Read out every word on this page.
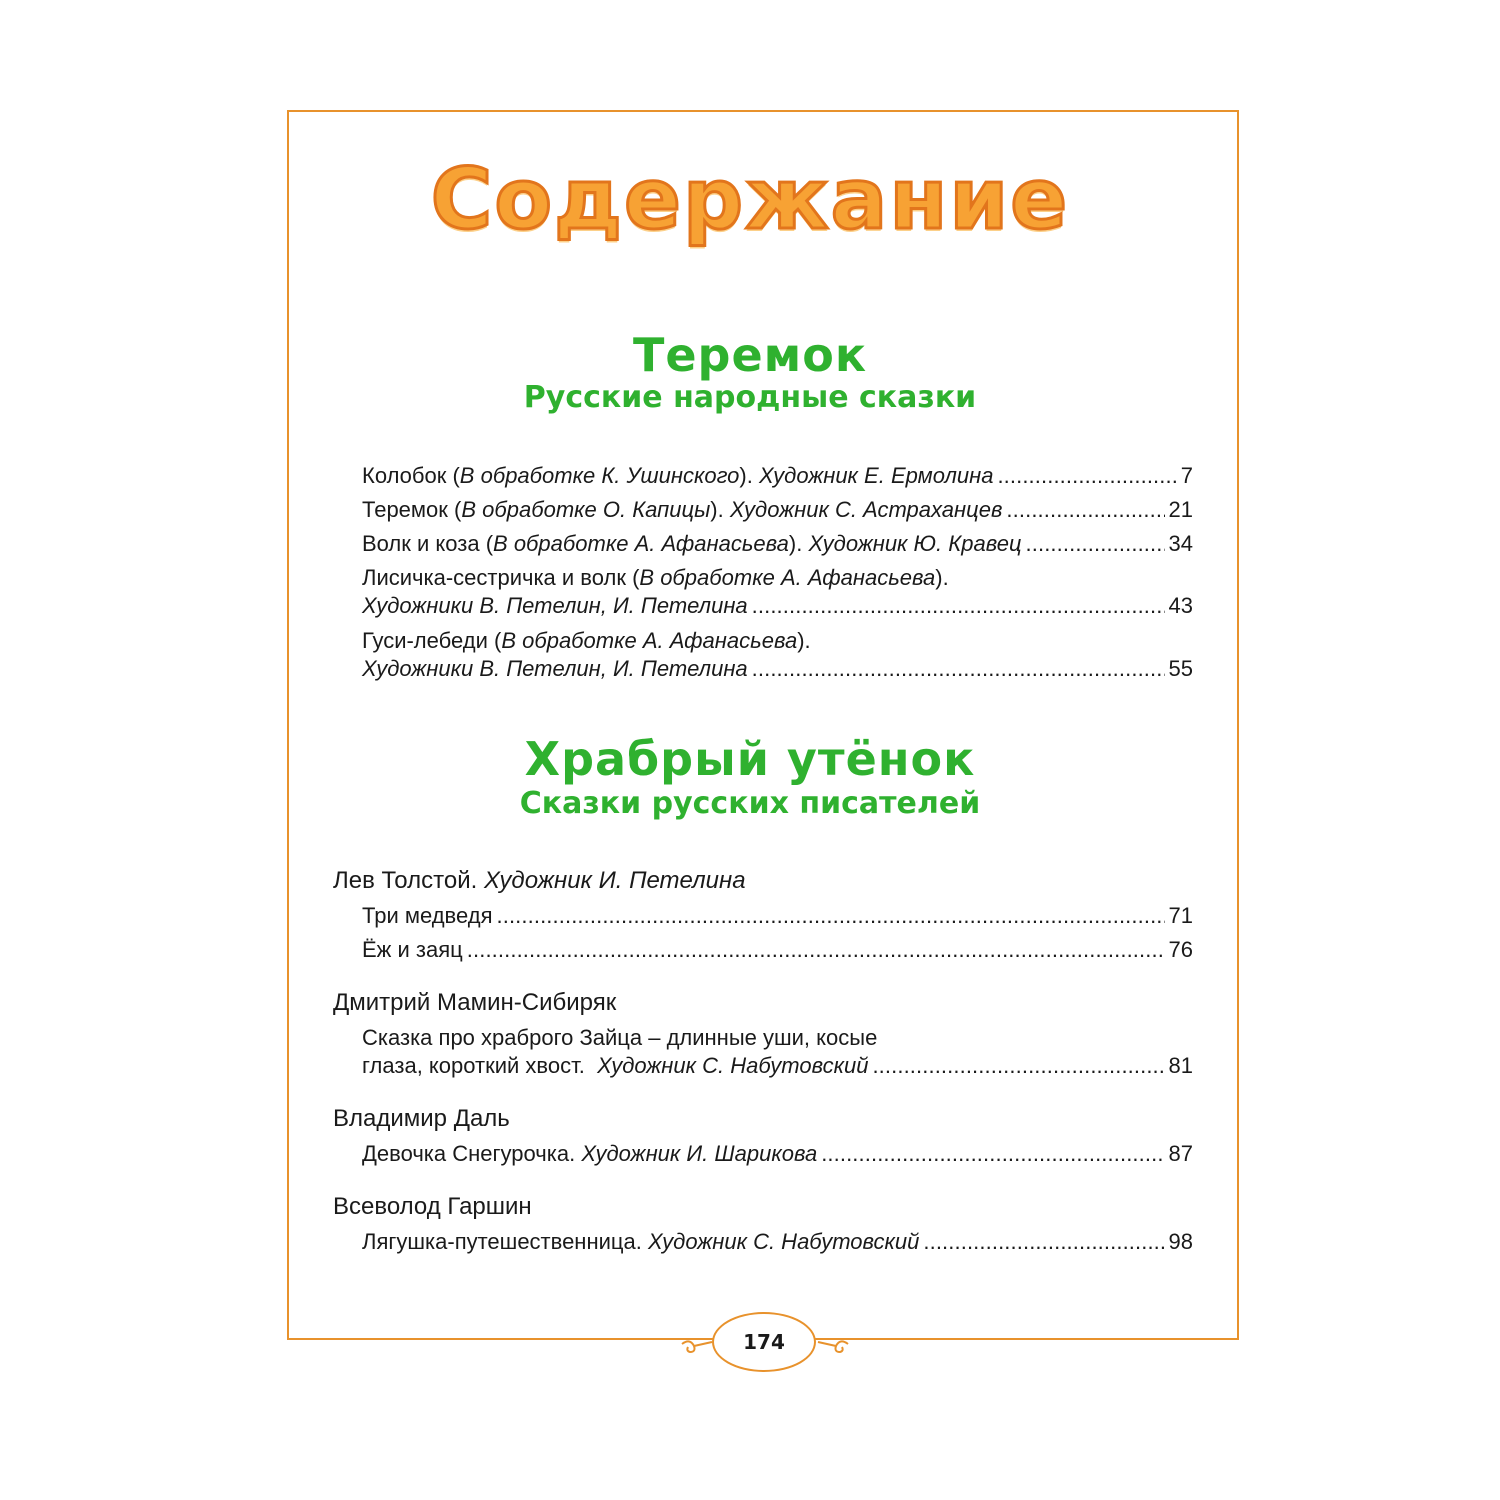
Содержание
Теремок
Русские народные сказки
Колобок (В обработке К. Ушинского). Художник Е. Ермолина . . .	7
Теремок (В обработке О. Капицы). Художник С. Астраханцев . . .	21
Волк и коза (В обработке А. Афанасьева). Художник Ю. Кравец . . .	34
Лисичка-сестричка и волк (В обработке А. Афанасьева).
Художники В. Петелин, И. Петелина . . .	43
Гуси-лебеди (В обработке А. Афанасьева).
Художники В. Петелин, И. Петелина . . .	55
Храбрый утёнок
Сказки русских писателей
Лев Толстой. Художник И. Петелина
Три медведя . . .	71
Ёж и заяц . . .	76
Дмитрий Мамин-Сибиряк
Сказка про храброго Зайца – длинные уши, косые
глаза, короткий хвост. Художник С. Набутовский . . .	81
Владимир Даль
Девочка Снегурочка. Художник И. Шарикова . . .	87
Всеволод Гаршин
Лягушка-путешественница. Художник С. Набутовский . . .	98
174
